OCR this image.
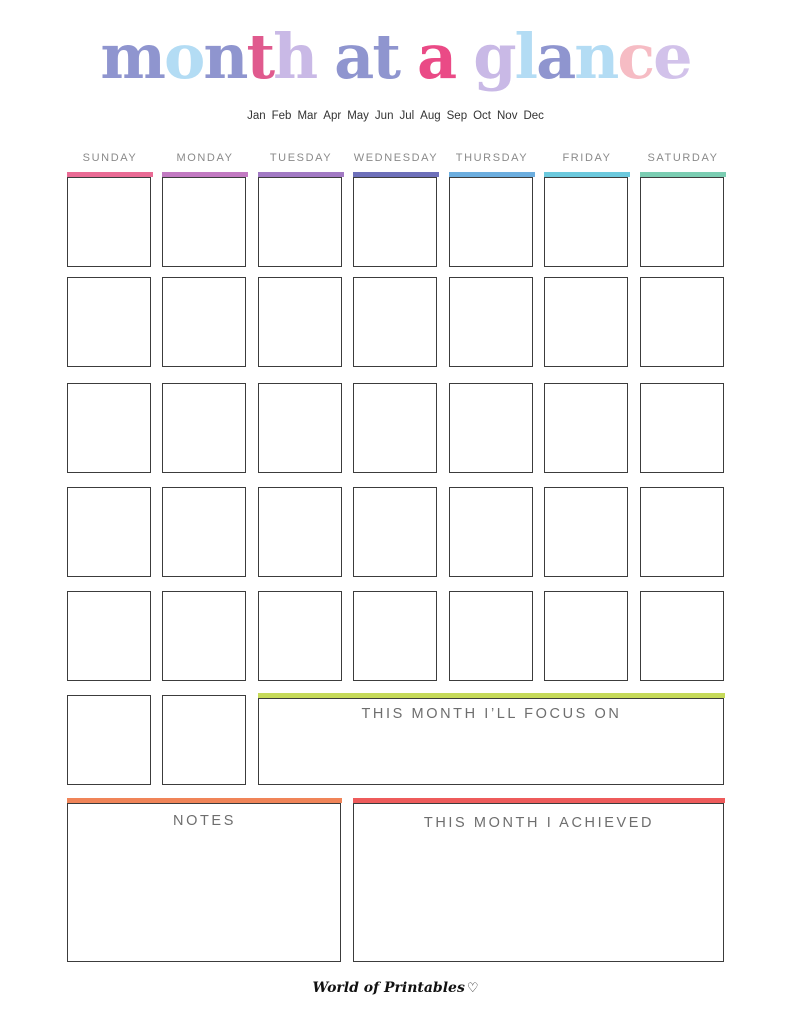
month at a glance
Jan Feb Mar Apr May Jun Jul Aug Sep Oct Nov Dec
SUNDAY	MONDAY	TUESDAY	WEDNESDAY	THURSDAY	FRIDAY	SATURDAY
THIS MONTH I’LL FOCUS ON
NOTES	THIS MONTH I ACHIEVED
World of Printables ♡
